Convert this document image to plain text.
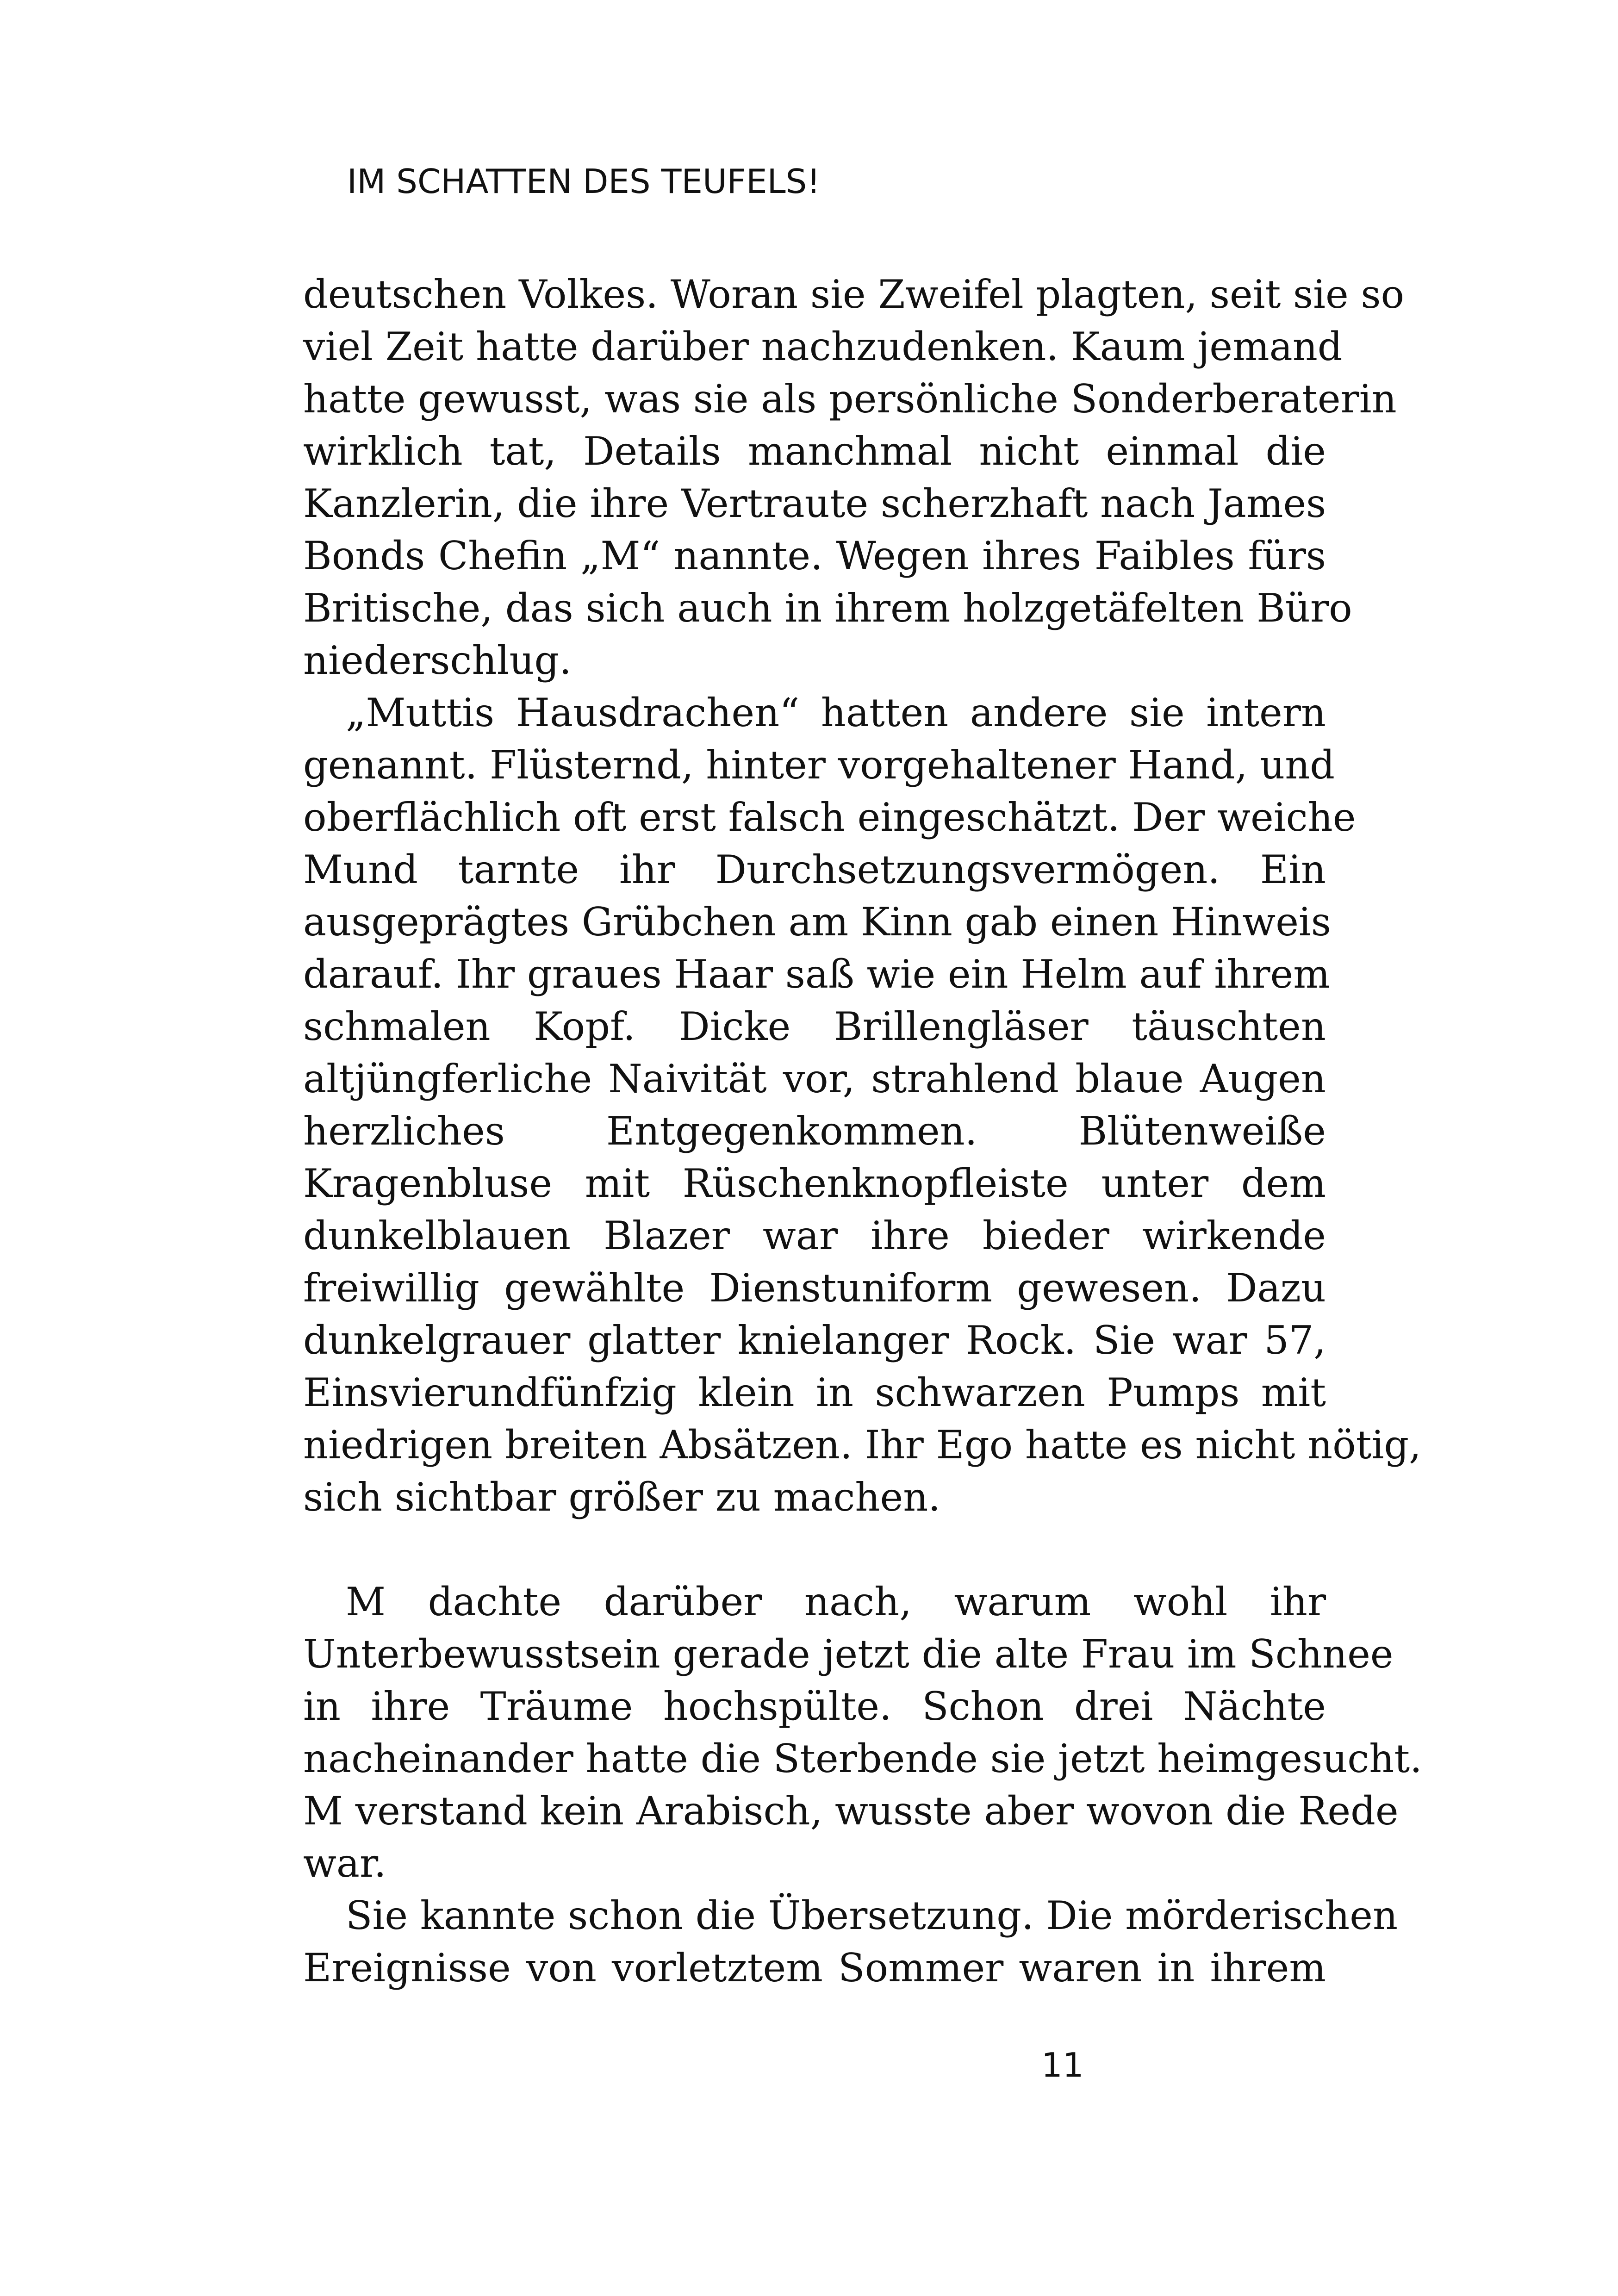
IM SCHATTEN DES TEUFELS!
deutschen Volkes. Woran sie Zweifel plagten, seit sie so
viel Zeit hatte darüber nachzudenken. Kaum jemand
hatte gewusst, was sie als persönliche Sonderberaterin
wirklich tat, Details manchmal nicht einmal die
Kanzlerin, die ihre Vertraute scherzhaft nach James
Bonds Chefin „M“ nannte. Wegen ihres Faibles fürs
Britische, das sich auch in ihrem holzgetäfelten Büro
niederschlug.
„Muttis Hausdrachen“ hatten andere sie intern
genannt. Flüsternd, hinter vorgehaltener Hand, und
oberflächlich oft erst falsch eingeschätzt. Der weiche
Mund tarnte ihr Durchsetzungsvermögen. Ein
ausgeprägtes Grübchen am Kinn gab einen Hinweis
darauf. Ihr graues Haar saß wie ein Helm auf ihrem
schmalen Kopf. Dicke Brillengläser täuschten
altjüngferliche Naivität vor, strahlend blaue Augen
herzliches Entgegenkommen. Blütenweiße
Kragenbluse mit Rüschenknopfleiste unter dem
dunkelblauen Blazer war ihre bieder wirkende
freiwillig gewählte Dienstuniform gewesen. Dazu
dunkelgrauer glatter knielanger Rock. Sie war 57,
Einsvierundfünfzig klein in schwarzen Pumps mit
niedrigen breiten Absätzen. Ihr Ego hatte es nicht nötig,
sich sichtbar größer zu machen.
M dachte darüber nach, warum wohl ihr
Unterbewusstsein gerade jetzt die alte Frau im Schnee
in ihre Träume hochspülte. Schon drei Nächte
nacheinander hatte die Sterbende sie jetzt heimgesucht.
M verstand kein Arabisch, wusste aber wovon die Rede
war.
Sie kannte schon die Übersetzung. Die mörderischen
Ereignisse von vorletztem Sommer waren in ihrem
11
